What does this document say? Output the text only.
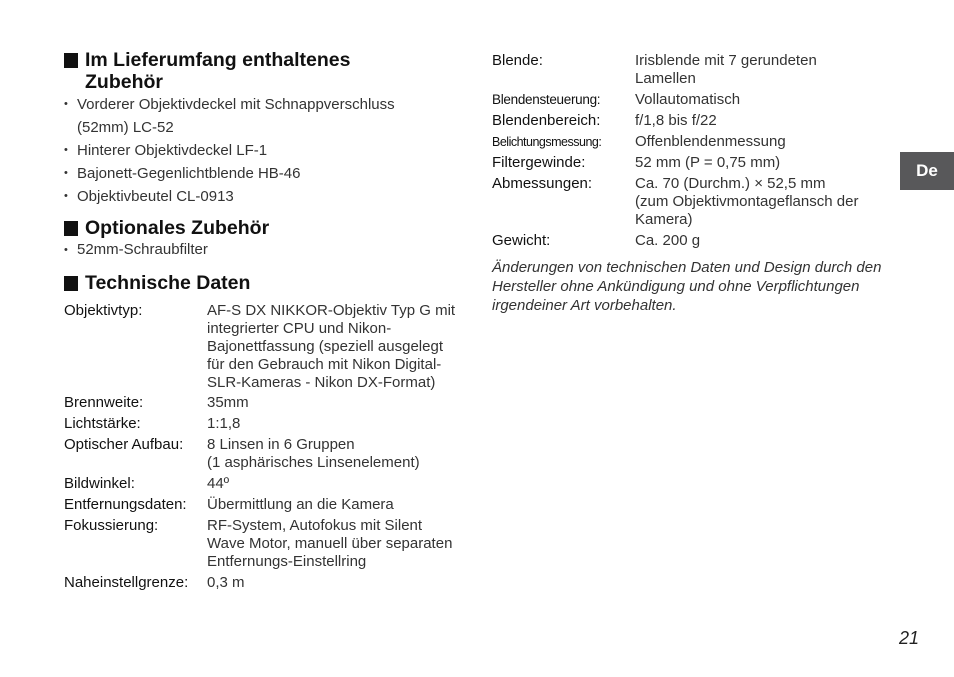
Im Lieferumfang enthaltenes
Zubehör
• Vorderer Objektivdeckel mit Schnappverschluss
(52mm) LC-52
• Hinterer Objektivdeckel LF-1
• Bajonett-Gegenlichtblende HB-46
• Objektivbeutel CL-0913
Optionales Zubehör
• 52mm-Schraubfilter
Technische Daten
Objektivtyp:	AF-S DX NIKKOR-Objektiv Typ G mit
integrierter CPU und Nikon-
Bajonettfassung (speziell ausgelegt
für den Gebrauch mit Nikon Digital-
SLR-Kameras - Nikon DX-Format)
Brennweite:	35mm
Lichtstärke:	1:1,8
Optischer Aufbau:	8 Linsen in 6 Gruppen
(1 asphärisches Linsenelement)
Bildwinkel:	44º
Entfernungsdaten:	Übermittlung an die Kamera
Fokussierung:	RF-System, Autofokus mit Silent
Wave Motor, manuell über separaten
Entfernungs-Einstellring
Naheinstellgrenze:	0,3 m
Blende:	Irisblende mit 7 gerundeten
Lamellen
Blendensteuerung:	Vollautomatisch
Blendenbereich:	f/1,8 bis f/22
Belichtungsmessung:	Offenblendenmessung
Filtergewinde:	52 mm (P = 0,75 mm)
Abmessungen:	Ca. 70 (Durchm.) × 52,5 mm
(zum Objektivmontageflansch der
Kamera)
Gewicht:	Ca. 200 g
Änderungen von technischen Daten und Design durch den Hersteller ohne Ankündigung und ohne Verpflichtungen irgendeiner Art vorbehalten.
De
21
